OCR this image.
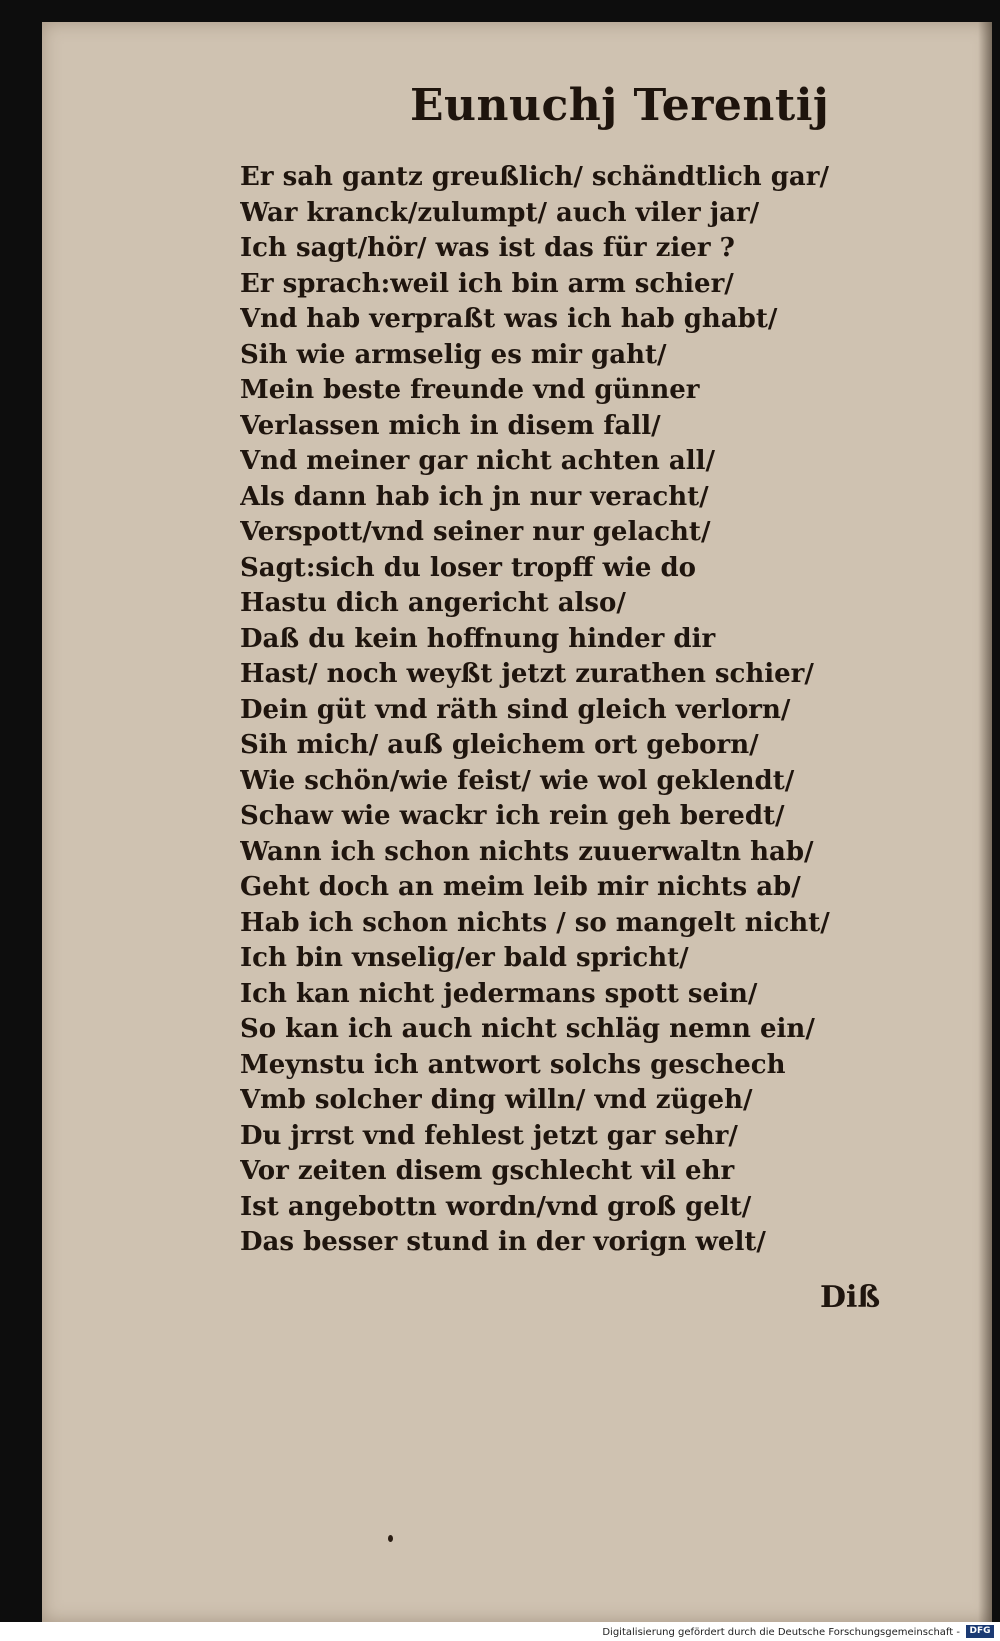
Eunuchj Terentij
Er sah gantz greußlich/ schändtlich gar/
War kranck/zulumpt/ auch viler jar/
Ich sagt/hör/ was ist das für zier ?
Er sprach:weil ich bin arm schier/
Vnd hab verpraßt was ich hab ghabt/
Sih wie armselig es mir gaht/
Mein beste freunde vnd günner
Verlassen mich in disem fall/
Vnd meiner gar nicht achten all/
Als dann hab ich jn nur veracht/
Verspott/vnd seiner nur gelacht/
Sagt:sich du loser tropff wie do
Hastu dich angericht also/
Daß du kein hoffnung hinder dir
Hast/ noch weyßt jetzt zurathen schier/
Dein güt vnd räth sind gleich verlorn/
Sih mich/ auß gleichem ort geborn/
Wie schön/wie feist/ wie wol geklendt/
Schaw wie wackr ich rein geh beredt/
Wann ich schon nichts zuuerwaltn hab/
Geht doch an meim leib mir nichts ab/
Hab ich schon nichts / so mangelt nicht/
Ich bin vnselig/er bald spricht/
Ich kan nicht jedermans spott sein/
So kan ich auch nicht schläg nemn ein/
Meynstu ich antwort solchs geschech
Vmb solcher ding willn/ vnd zügeh/
Du jrrst vnd fehlest jetzt gar sehr/
Vor zeiten disem gschlecht vil ehr
Ist angebottn wordn/vnd groß gelt/
Das besser stund in der vorign welt/
Diß
Digitalisierung gefördert durch die Deutsche Forschungsgemeinschaft -	DFG
